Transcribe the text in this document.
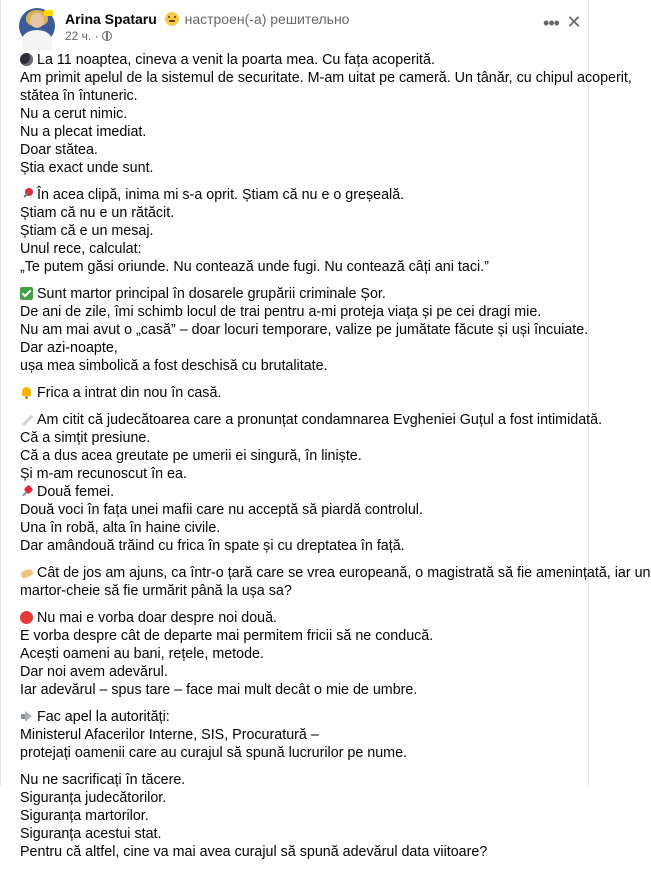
Arina Spataru настроен(-а) решительно
22 ч. ·
••• ✕

La 11 noaptea, cineva a venit la poarta mea. Cu fața acoperită.
Am primit apelul de la sistemul de securitate. M-am uitat pe cameră. Un tânăr, cu chipul acoperit,
stătea în întuneric.
Nu a cerut nimic.
Nu a plecat imediat.
Doar stătea.
Știa exact unde sunt.

În acea clipă, inima mi s-a oprit. Știam că nu e o greșeală.
Știam că nu e un rătăcit.
Știam că e un mesaj.
Unul rece, calculat:
„Te putem găsi oriunde. Nu contează unde fugi. Nu contează câți ani taci.”

Sunt martor principal în dosarele grupării criminale Șor.
De ani de zile, îmi schimb locul de trai pentru a-mi proteja viața și pe cei dragi mie.
Nu am mai avut o „casă” – doar locuri temporare, valize pe jumătate făcute și uși încuiate.
Dar azi-noapte,
ușa mea simbolică a fost deschisă cu brutalitate.

Frica a intrat din nou în casă.

Am citit că judecătoarea care a pronunțat condamnarea Evgheniei Guțul a fost intimidată.
Că a simțit presiune.
Că a dus acea greutate pe umerii ei singură, în liniște.
Și m-am recunoscut în ea.

Două femei.
Două voci în fața unei mafii care nu acceptă să piardă controlul.
Una în robă, alta în haine civile.
Dar amândouă trăind cu frica în spate și cu dreptatea în față.

Cât de jos am ajuns, ca într-o țară care se vrea europeană, o magistrată să fie amenințată, iar un
martor-cheie să fie urmărit până la ușa sa?

Nu mai e vorba doar despre noi două.
E vorba despre cât de departe mai permitem fricii să ne conducă.
Acești oameni au bani, rețele, metode.
Dar noi avem adevărul.
Iar adevărul – spus tare – face mai mult decât o mie de umbre.

Fac apel la autorități:
Ministerul Afacerilor Interne, SIS, Procuratură –
protejați oamenii care au curajul să spună lucrurilor pe nume.

Nu ne sacrificați în tăcere.
Siguranța judecătorilor.
Siguranța martorilor.
Siguranța acestui stat.
Pentru că altfel, cine va mai avea curajul să spună adevărul data viitoare?
